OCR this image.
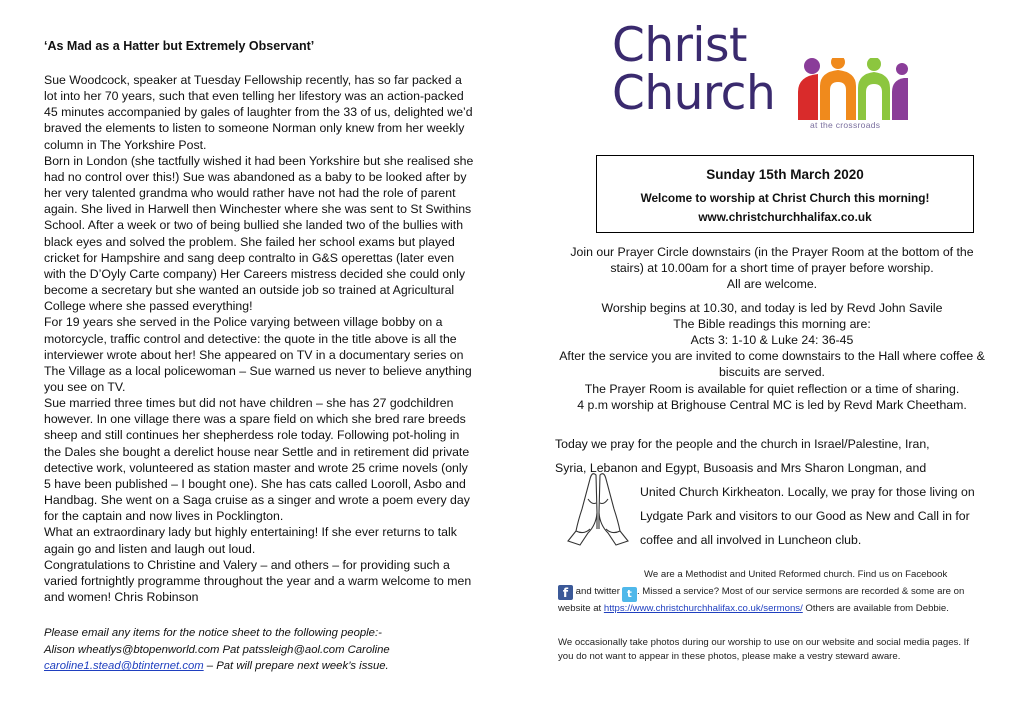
‘As Mad as a Hatter but Extremely Observant’

Sue Woodcock, speaker at Tuesday Fellowship recently, has so far packed a lot into her 70 years, such that even telling her lifestory was an action-packed 45 minutes accompanied by gales of laughter from the 33 of us, delighted we’d braved the elements to listen to someone Norman only knew from her weekly column in The Yorkshire Post.

Born in London (she tactfully wished it had been Yorkshire but she realised she had no control over this!) Sue was abandoned as a baby to be looked after by her very talented grandma who would rather have not had the role of parent again. She lived in Harwell then Winchester where she was sent to St Swithins School. After a week or two of being bullied she landed two of the bullies with black eyes and solved the problem. She failed her school exams but played cricket for Hampshire and sang deep contralto in G&S operettas (later even with the D’Oyly Carte company) Her Careers mistress decided she could only become a secretary but she wanted an outside job so trained at Agricultural College where she passed everything!

For 19 years she served in the Police varying between village bobby on a motorcycle, traffic control and detective: the quote in the title above is all the interviewer wrote about her! She appeared on TV in a documentary series on The Village as a local policewoman – Sue warned us never to believe anything you see on TV.

Sue married three times but did not have children – she has 27 godchildren however. In one village there was a spare field on which she bred rare breeds sheep and still continues her shepherdess role today. Following pot-holing in the Dales she bought a derelict house near Settle and in retirement did private detective work, volunteered as station master and wrote 25 crime novels (only 5 have been published – I bought one). She has cats called Looroll, Asbo and Handbag. She went on a Saga cruise as a singer and wrote a poem every day for the captain and now lives in Pocklington.

What an extraordinary lady but highly entertaining! If she ever returns to talk again go and listen and laugh out loud.

Congratulations to Christine and Valery – and others – for providing such a varied fortnightly programme throughout the year and a warm welcome to men and women! Chris Robinson

Please email any items for the notice sheet to the following people:-
Alison wheatlys@btopenworld.com Pat patssleigh@aol.com Caroline
caroline1.stead@btinternet.com – Pat will prepare next week’s issue.
Christ
Church
at the crossroads
Sunday 15th March 2020
Welcome to worship at Christ Church this morning!
www.christchurchhalifax.co.uk

Join our Prayer Circle downstairs (in the Prayer Room at the bottom of the stairs) at 10.00am for a short time of prayer before worship.

All are welcome.

Worship begins at 10.30, and today is led by Revd John Savile

The Bible readings this morning are:

Acts 3: 1-10 & Luke 24: 36-45

After the service you are invited to come downstairs to the Hall where coffee & biscuits are served.

The Prayer Room is available for quiet reflection or a time of sharing.

4 p.m worship at Brighouse Central MC is led by Revd Mark Cheetham.

Today we pray for the people and the church in Israel/Palestine, Iran,
Syria, Lebanon and Egypt, Busoasis and Mrs Sharon Longman, and
United Church Kirkheaton. Locally, we pray for those living on Lydgate Park and visitors to our Good as New and Call in for coffee and all involved in Luncheon club.
We are a Methodist and United Reformed church. Find us on Facebook
f and twitter t . Missed a service? Most of our service sermons are recorded & some are on website at https://www.christchurchhalifax.co.uk/sermons/ Others are available from Debbie.
We occasionally take photos during our worship to use on our website and social media pages. If you do not want to appear in these photos, please make a vestry steward aware.
